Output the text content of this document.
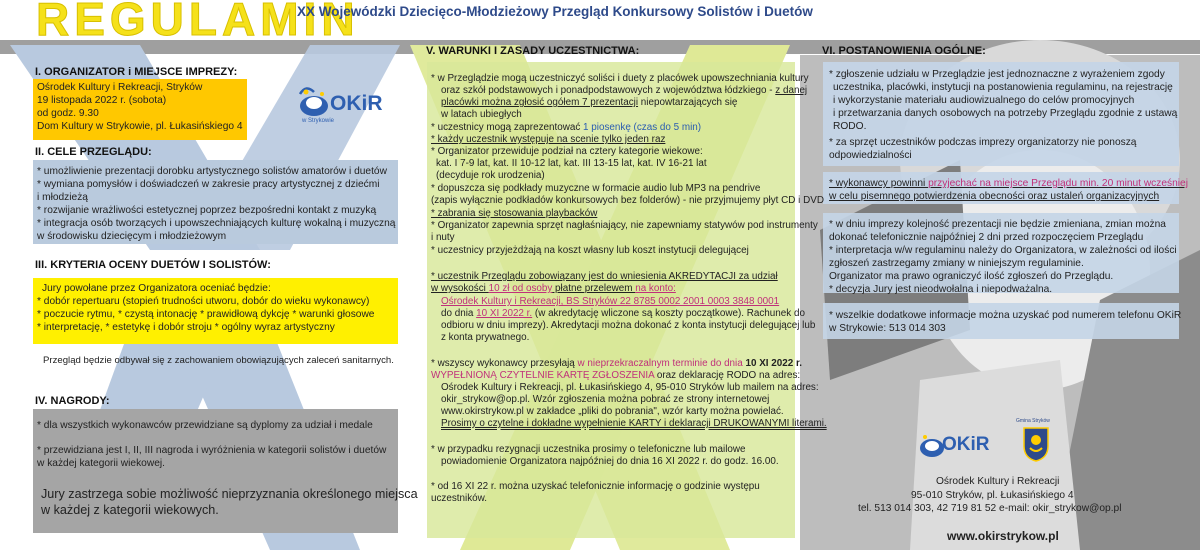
REGULAMIN
XX Wojewódzki Dziecięco-Młodzieżowy Przegląd Konkursowy Solistów i Duetów
I. ORGANIZATOR i MIEJSCE IMPREZY:
Ośrodek Kultury i Rekreacji, Stryków
19 listopada 2022 r. (sobota)
od godz. 9.30
Dom Kultury w Strykowie, pl. Łukasińskiego 4
OKiR
w Strykowie
II. CELE PRZEGLĄDU:
* umożliwienie prezentacji dorobku artystycznego solistów amatorów i duetów
* wymiana pomysłów i doświadczeń w zakresie pracy artystycznej z dziećmi
i młodzieżą
* rozwijanie wrażliwości estetycznej poprzez bezpośredni kontakt z muzyką
* integracja osób tworzących i upowszechniających kulturę wokalną i muzyczną
w środowisku dziecięcym i młodzieżowym
III. KRYTERIA OCENY DUETÓW I SOLISTÓW:
Jury powołane przez Organizatora oceniać będzie:
* dobór repertuaru (stopień trudności utworu, dobór do wieku wykonawcy)
* poczucie rytmu, * czystą intonację * prawidłową dykcję * warunki głosowe
* interpretację, * estetykę i dobór stroju * ogólny wyraz artystyczny
Przegląd będzie odbywał się z zachowaniem obowiązujących zaleceń sanitarnych.
IV. NAGRODY:
* dla wszystkich wykonawców przewidziane są dyplomy za udział i medale
* przewidziana jest I, II, III nagroda i wyróżnienia w kategorii solistów i duetów
w każdej kategorii wiekowej.
Jury zastrzega sobie możliwość nieprzyznania określonego miejsca
w każdej z kategorii wiekowych.
V. WARUNKI I ZASADY UCZESTNICTWA:
* w Przeglądzie mogą uczestniczyć soliści i duety z placówek upowszechniania kultury
oraz szkół podstawowych i ponadpodstawowych z województwa łódzkiego - z danej
placówki można zgłosić ogółem 7 prezentacji niepowtarzających się
w latach ubiegłych
* uczestnicy mogą zaprezentować 1 piosenkę (czas do 5 min)
* każdy uczestnik występuje na scenie tylko jeden raz
* Organizator przewiduje podział na cztery kategorie wiekowe:
kat. I 7-9 lat, kat. II 10-12 lat, kat. III 13-15 lat, kat. IV 16-21 lat
(decyduje rok urodzenia)
* dopuszcza się podkłady muzyczne w formacie audio lub MP3 na pendrive
(zapis wyłącznie podkładów konkursowych bez folderów) - nie przyjmujemy płyt CD i DVD
* zabrania się stosowania playbacków
* Organizator zapewnia sprzęt nagłaśniający, nie zapewniamy statywów pod instrumenty
i nuty
* uczestnicy przyjeżdżają na koszt własny lub koszt instytucji delegującej
* uczestnik Przeglądu zobowiązany jest do wniesienia AKREDYTACJI za udział
w wysokości 10 zł od osoby płatne przelewem na konto:
Ośrodek Kultury i Rekreacji, BS Stryków 22 8785 0002 2001 0003 3848 0001
do dnia 10 XI 2022 r. (w akredytację wliczone są koszty początkowe). Rachunek do
odbioru w dniu imprezy). Akredytacji można dokonać z konta instytucji delegującej lub
z konta prywatnego.
* wszyscy wykonawcy przesyłają w nieprzekraczalnym terminie do dnia 10 XI 2022 r.
WYPEŁNIONĄ CZYTELNIE KARTĘ ZGŁOSZENIA oraz deklarację RODO na adres:
Ośrodek Kultury i Rekreacji, pl. Łukasińskiego 4, 95-010 Stryków lub mailem na adres:
okir_strykow@op.pl. Wzór zgłoszenia można pobrać ze strony internetowej
www.okirstrykow.pl w zakładce „pliki do pobrania", wzór karty można powielać.
Prosimy o czytelne i dokładne wypełnienie KARTY i deklaracji DRUKOWANYMI literami.
* w przypadku rezygnacji uczestnika prosimy o telefoniczne lub mailowe
powiadomienie Organizatora najpóźniej do dnia 16 XI 2022 r. do godz. 16.00.
* od 16 XI 22 r. można uzyskać telefonicznie informację o godzinie występu
uczestników.
VI. POSTANOWIENIA OGÓLNE:
* zgłoszenie udziału w Przeglądzie jest jednoznaczne z wyrażeniem zgody
uczestnika, placówki, instytucji na postanowienia regulaminu, na rejestrację
i wykorzystanie materiału audiowizualnego do celów promocyjnych
i przetwarzania danych osobowych na potrzeby Przeglądu zgodnie z ustawą
RODO.
* za sprzęt uczestników podczas imprezy organizatorzy nie ponoszą
odpowiedzialności
* wykonawcy powinni przyjechać na miejsce Przeglądu min. 20 minut wcześniej
w celu pisemnego potwierdzenia obecności oraz ustaleń organizacyjnych
* w dniu imprezy kolejność prezentacji nie będzie zmieniana, zmian można
dokonać telefonicznie najpóźniej 2 dni przed rozpoczęciem Przeglądu
* interpretacja w/w regulaminu należy do Organizatora, w zależności od ilości
zgłoszeń zastrzegamy zmiany w niniejszym regulaminie.
Organizator ma prawo ograniczyć ilość zgłoszeń do Przeglądu.
* decyzja Jury jest nieodwołalna i niepodważalna.
* wszelkie dodatkowe informacje można uzyskać pod numerem telefonu OKiR
w Strykowie: 513 014 303
OKiR
Gmina Stryków
Ośrodek Kultury i Rekreacji
95-010 Stryków, pl. Łukasińskiego 4
tel. 513 014 303, 42 719 81 52 e-mail: okir_strykow@op.pl
www.okirstrykow.pl
